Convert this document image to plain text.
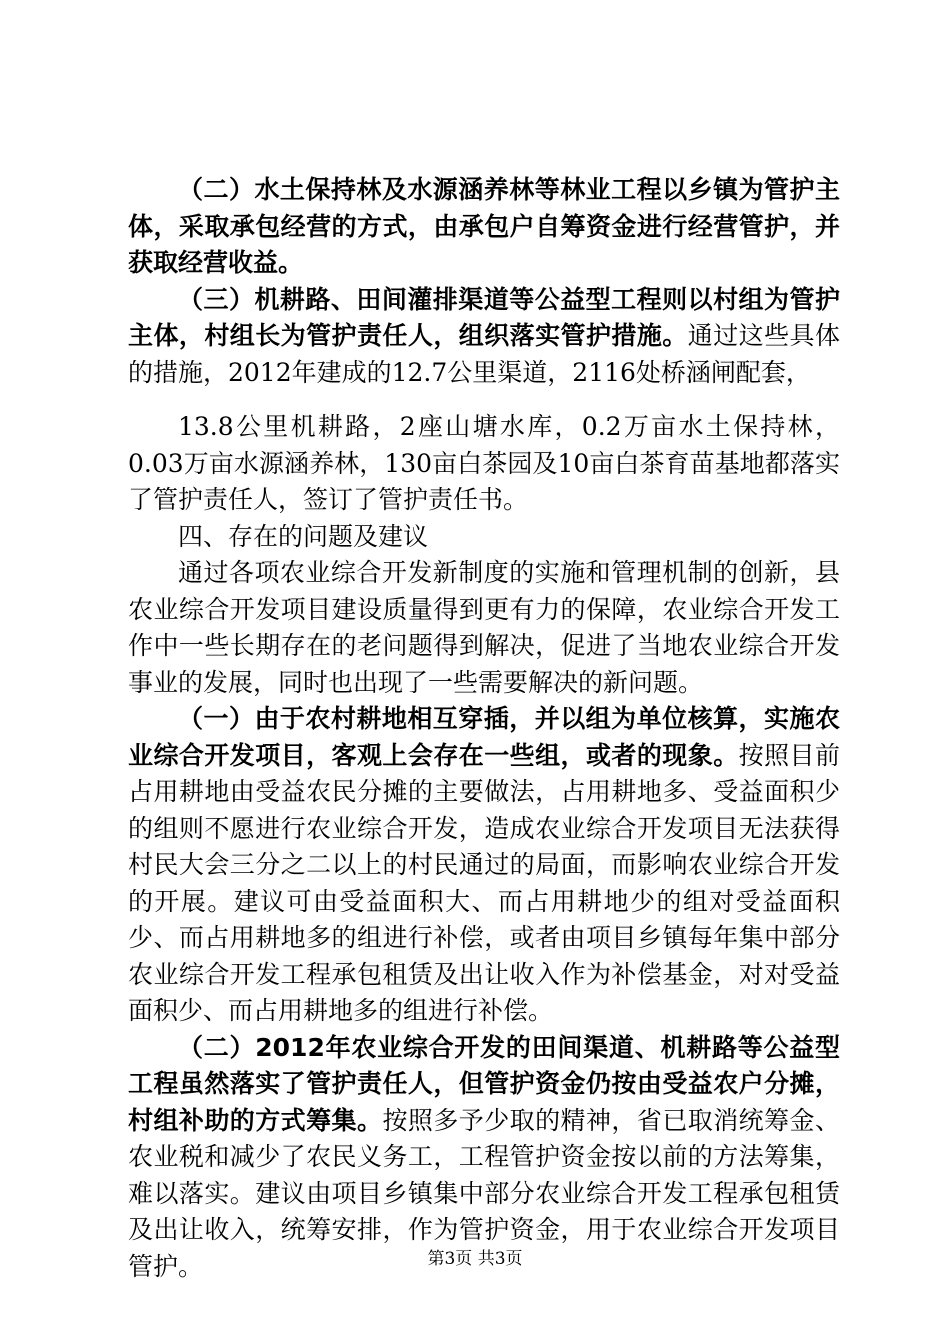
（二）水土保持林及水源涵养林等林业工程以乡镇为管护主体，采取承包经营的方式，由承包户自筹资金进行经营管护，并获取经营收益。

（三）机耕路、田间灌排渠道等公益型工程则以村组为管护主体，村组长为管护责任人，组织落实管护措施。通过这些具体的措施，2012年建成的12.7公里渠道，2116处桥涵闸配套，

13.8公里机耕路，2座山塘水库，0.2万亩水土保持林，0.03万亩水源涵养林，130亩白茶园及10亩白茶育苗基地都落实了管护责任人，签订了管护责任书。

四、存在的问题及建议

通过各项农业综合开发新制度的实施和管理机制的创新，县农业综合开发项目建设质量得到更有力的保障，农业综合开发工作中一些长期存在的老问题得到解决，促进了当地农业综合开发事业的发展，同时也出现了一些需要解决的新问题。

（一）由于农村耕地相互穿插，并以组为单位核算，实施农业综合开发项目，客观上会存在一些组，或者的现象。按照目前占用耕地由受益农民分摊的主要做法，占用耕地多、受益面积少的组则不愿进行农业综合开发，造成农业综合开发项目无法获得村民大会三分之二以上的村民通过的局面，而影响农业综合开发的开展。建议可由受益面积大、而占用耕地少的组对受益面积少、而占用耕地多的组进行补偿，或者由项目乡镇每年集中部分农业综合开发工程承包租赁及出让收入作为补偿基金，对对受益面积少、而占用耕地多的组进行补偿。

（二）2012年农业综合开发的田间渠道、机耕路等公益型工程虽然落实了管护责任人，但管护资金仍按由受益农户分摊，村组补助的方式筹集。按照多予少取的精神，省已取消统筹金、农业税和减少了农民义务工，工程管护资金按以前的方法筹集，难以落实。建议由项目乡镇集中部分农业综合开发工程承包租赁及出让收入，统筹安排，作为管护资金，用于农业综合开发项目管护。	第3页 共3页
